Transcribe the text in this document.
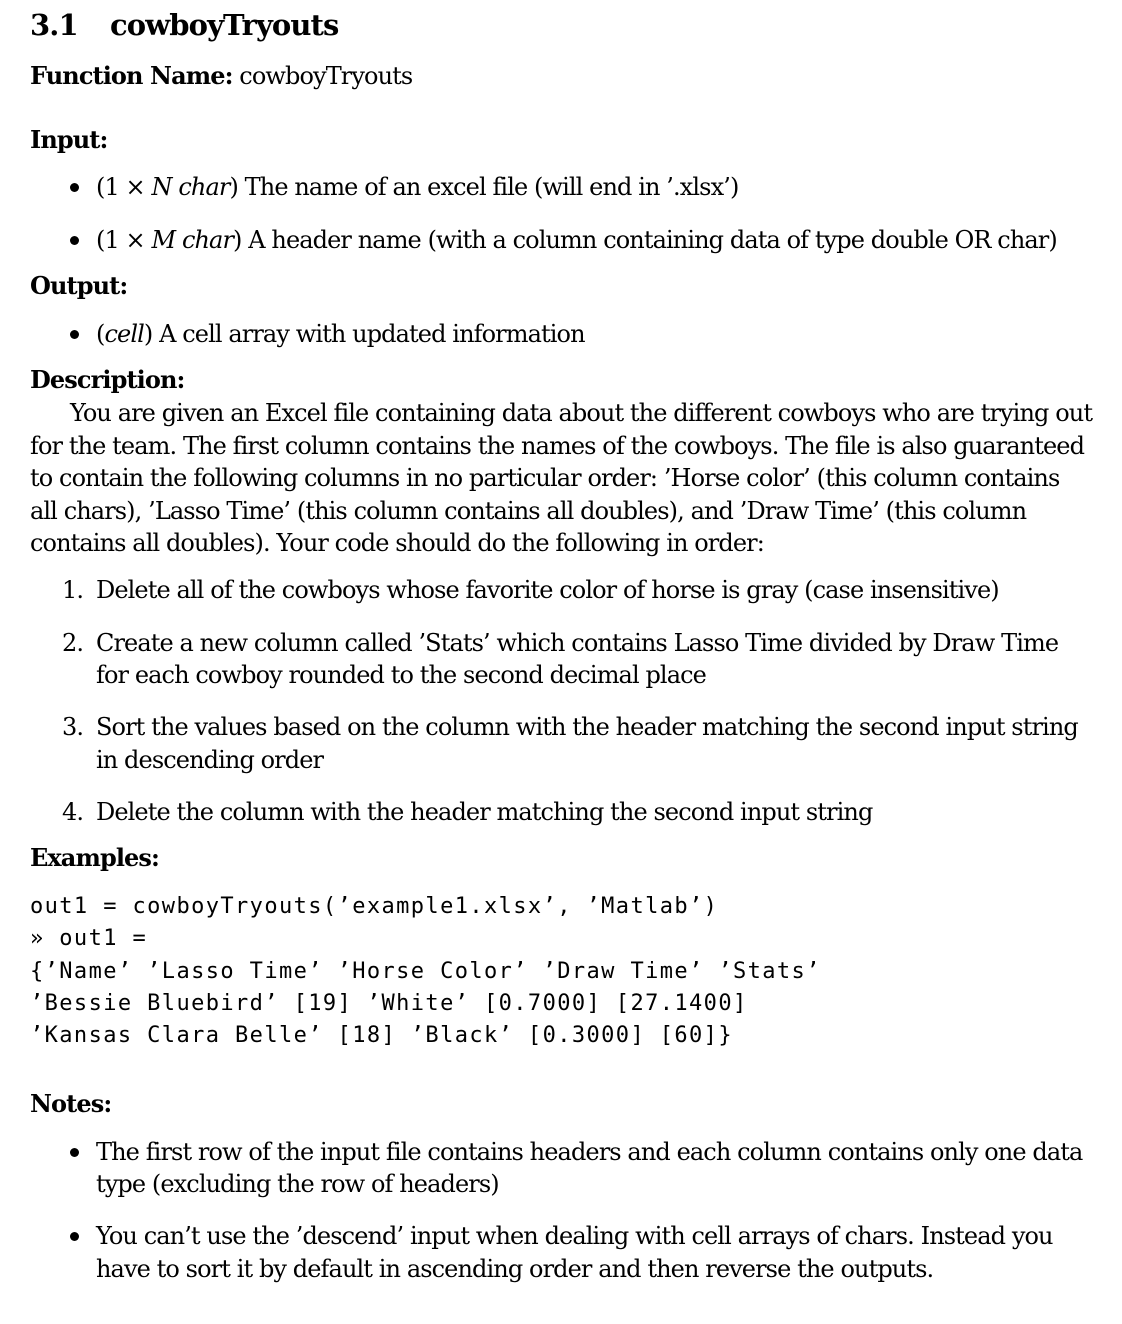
3.1 cowboyTryouts
Function Name: cowboyTryouts
Input:
(1 × N char) The name of an excel file (will end in ’.xlsx’)
(1 × M char) A header name (with a column containing data of type double OR char)
Output:
(cell) A cell array with updated information
Description:
You are given an Excel file containing data about the different cowboys who are trying out
for the team. The first column contains the names of the cowboys. The file is also guaranteed
to contain the following columns in no particular order: ’Horse color’ (this column contains
all chars), ’Lasso Time’ (this column contains all doubles), and ’Draw Time’ (this column
contains all doubles). Your code should do the following in order:
1. Delete all of the cowboys whose favorite color of horse is gray (case insensitive)
2. Create a new column called ’Stats’ which contains Lasso Time divided by Draw Time
for each cowboy rounded to the second decimal place
3. Sort the values based on the column with the header matching the second input string
in descending order
4. Delete the column with the header matching the second input string
Examples:
out1 = cowboyTryouts(’example1.xlsx’, ’Matlab’)
» out1 =
{’Name’ ’Lasso Time’ ’Horse Color’ ’Draw Time’ ’Stats’
’Bessie Bluebird’ [19] ’White’ [0.7000] [27.1400]
’Kansas Clara Belle’ [18] ’Black’ [0.3000] [60]}
Notes:
The first row of the input file contains headers and each column contains only one data
type (excluding the row of headers)
You can’t use the ’descend’ input when dealing with cell arrays of chars. Instead you
have to sort it by default in ascending order and then reverse the outputs.
